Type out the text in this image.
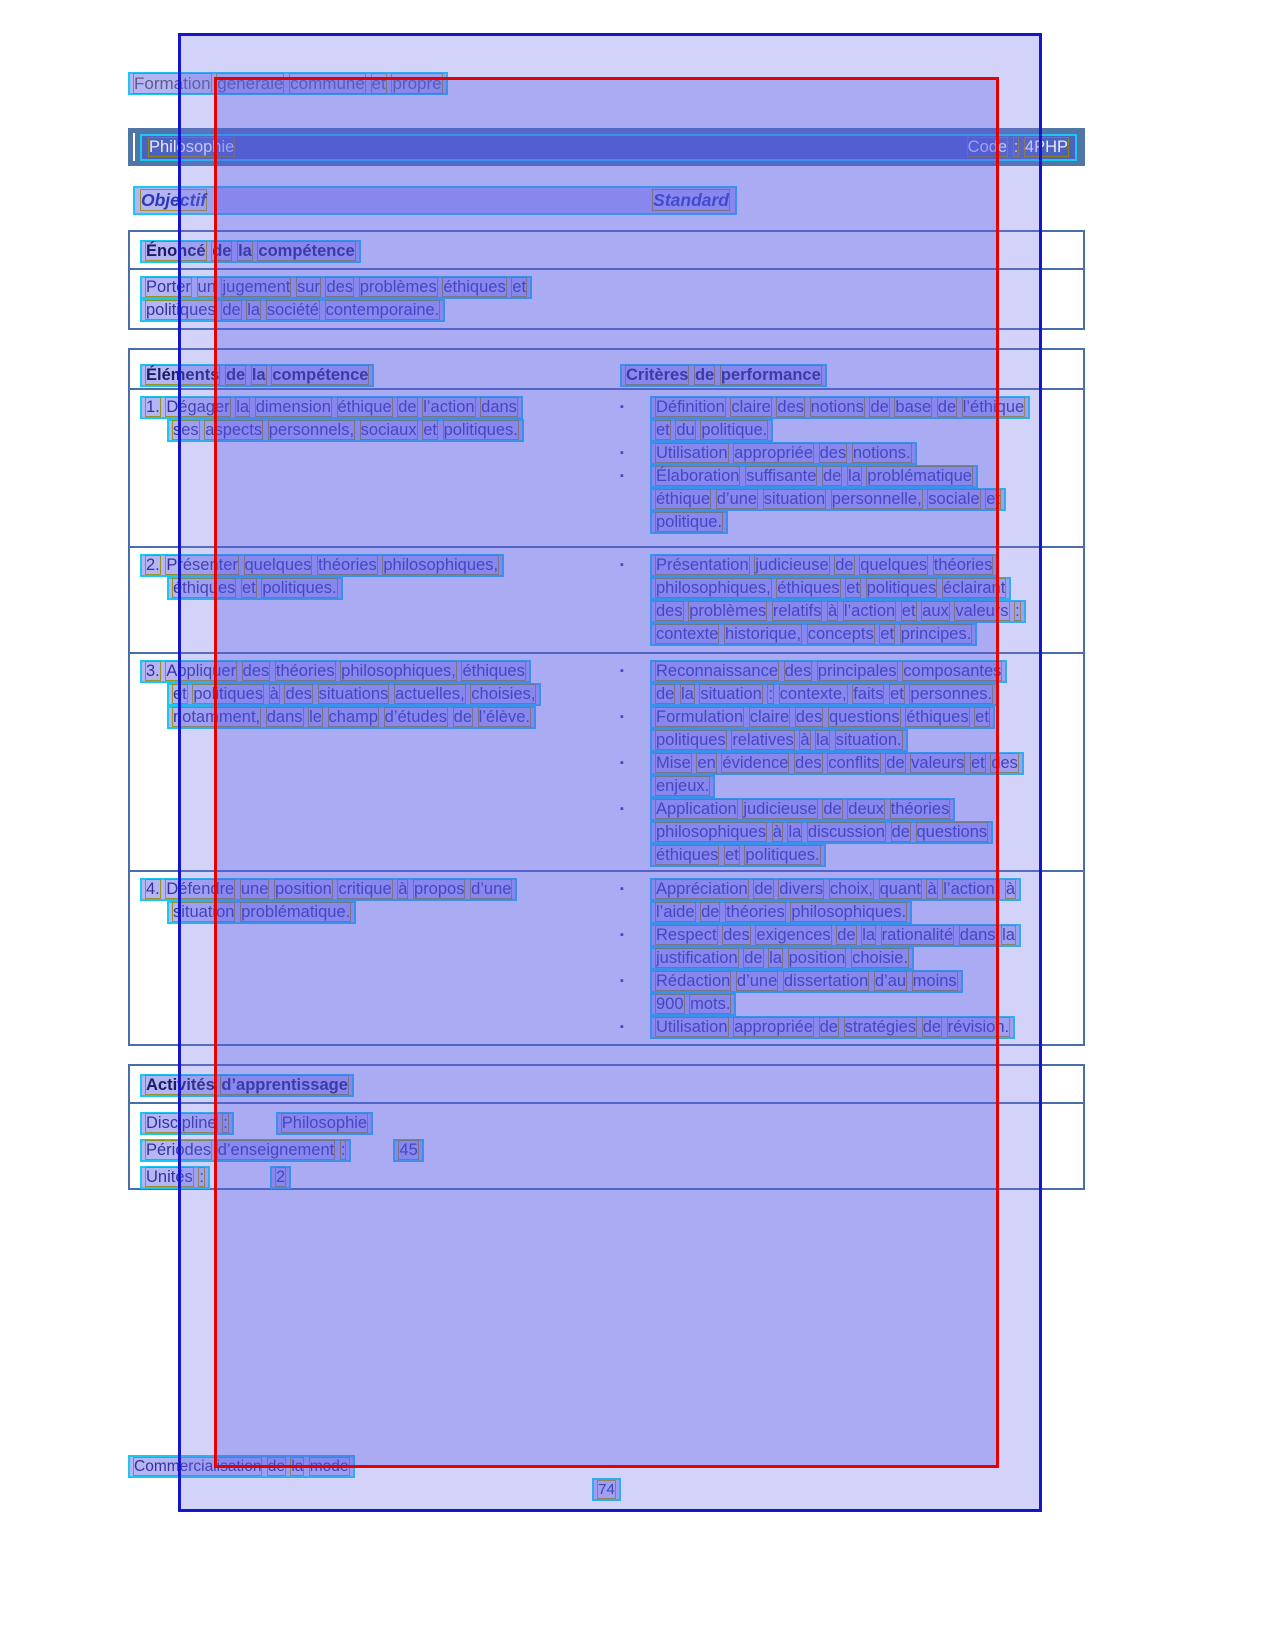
Formation générale commune et propre
Philosophie	Code : 4PHP
Objectif	Standard
Énoncé de la compétence
Porter un jugement sur des problèmes éthiques et
politiques de la société contemporaine.
Éléments de la compétence	Critères de performance
1. Dégager la dimension éthique de l’action dans
ses aspects personnels, sociaux et politiques.
▪	Définition claire des notions de base de l’éthique
et du politique.
▪	Utilisation appropriée des notions.
▪	Élaboration suffisante de la problématique
éthique d’une situation personnelle, sociale et
politique.
2. Présenter quelques théories philosophiques,
éthiques et politiques.
▪	Présentation judicieuse de quelques théories
philosophiques, éthiques et politiques éclairant
des problèmes relatifs à l’action et aux valeurs :
contexte historique, concepts et principes.
3. Appliquer des théories philosophiques, éthiques
et politiques à des situations actuelles, choisies,
notamment, dans le champ d’études de l’élève.
▪	Reconnaissance des principales composantes
de la situation : contexte, faits et personnes.
▪	Formulation claire des questions éthiques et
politiques relatives à la situation.
▪	Mise en évidence des conflits de valeurs et des
enjeux.
▪	Application judicieuse de deux théories
philosophiques à la discussion de questions
éthiques et politiques.
4. Défendre une position critique à propos d’une
situation problématique.
▪	Appréciation de divers choix, quant à l’action, à
l’aide de théories philosophiques.
▪	Respect des exigences de la rationalité dans la
justification de la position choisie.
▪	Rédaction d’une dissertation d’au moins
900 mots.
▪	Utilisation appropriée de stratégies de révision.
Activités d’apprentissage
Discipline :	Philosophie
Périodes d’enseignement :	45
Unités :	2
Commercialisation de la mode
74
